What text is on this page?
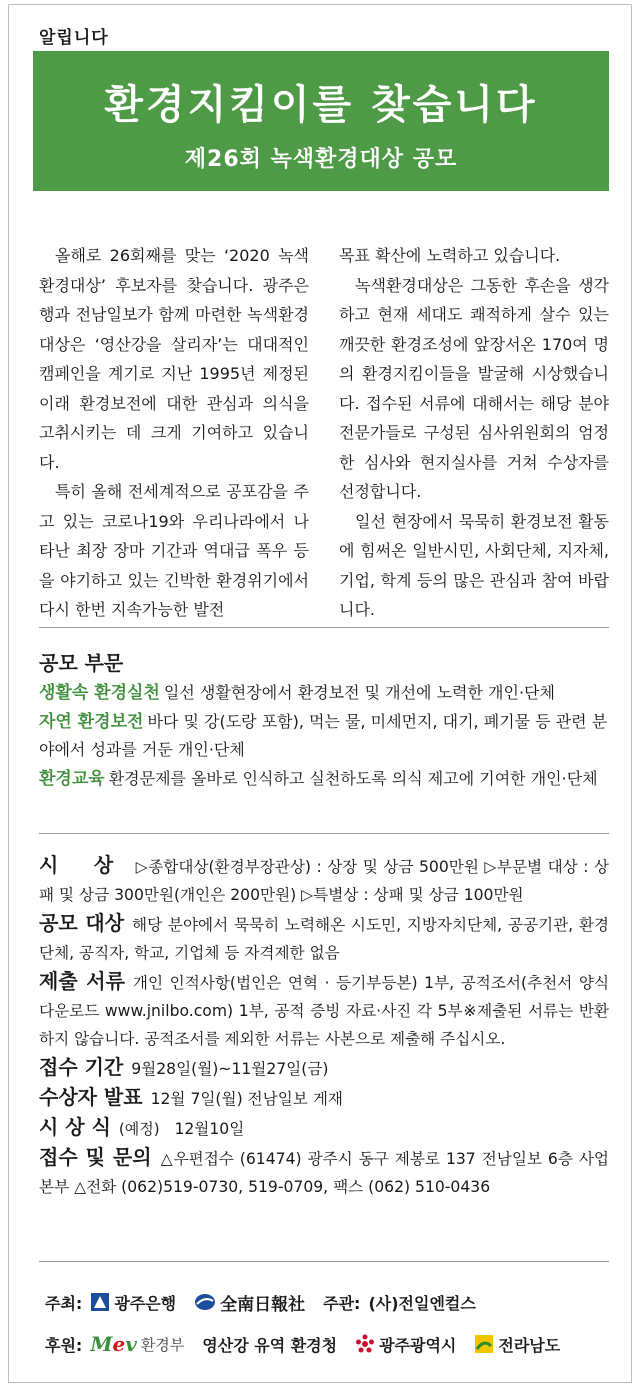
알립니다
환경지킴이를 찾습니다
제26회 녹색환경대상 공모

올해로 26회째를 맞는 ‘2020 녹색환경대상’ 후보자를 찾습니다. 광주은행과 전남일보가 함께 마련한 녹색환경대상은 ‘영산강을 살리자’는 대대적인 캠페인을 계기로 지난 1995년 제정된 이래 환경보전에 대한 관심과 의식을 고취시키는 데 크게 기여하고 있습니다.

특히 올해 전세계적으로 공포감을 주고 있는 코로나19와 우리나라에서 나타난 최장 장마 기간과 역대급 폭우 등을 야기하고 있는 긴박한 환경위기에서 다시 한번 지속가능한 발전

목표 확산에 노력하고 있습니다.

녹색환경대상은 그동한 후손을 생각하고 현재 세대도 쾌적하게 살수 있는 깨끗한 환경조성에 앞장서온 170여 명의 환경지킴이들을 발굴해 시상했습니다. 접수된 서류에 대해서는 해당 분야 전문가들로 구성된 심사위원회의 엄정한 심사와 현지실사를 거쳐 수상자를 선정합니다.

일선 현장에서 묵묵히 환경보전 활동에 힘써온 일반시민, 사회단체, 지자체, 기업, 학계 등의 많은 관심과 참여 바랍니다.

공모 부문

생활속 환경실천 일선 생활현장에서 환경보전 및 개선에 노력한 개인·단체

자연 환경보전 바다 및 강(도랑 포함), 먹는 물, 미세먼지, 대기, 폐기물 등 관련 분야에서 성과를 거둔 개인·단체

환경교육 환경문제를 올바로 인식하고 실천하도록 의식 제고에 기여한 개인·단체

시 상 ▷종합대상(환경부장관상) : 상장 및 상금 500만원 ▷부문별 대상 : 상패 및 상금 300만원(개인은 200만원) ▷특별상 : 상패 및 상금 100만원

공모 대상 해당 분야에서 묵묵히 노력해온 시도민, 지방자치단체, 공공기관, 환경단체, 공직자, 학교, 기업체 등 자격제한 없음

제출 서류 개인 인적사항(법인은 연혁 · 등기부등본) 1부, 공적조서(추천서 양식 다운로드 www.jnilbo.com) 1부, 공적 증빙 자료·사진 각 5부※제출된 서류는 반환하지 않습니다. 공적조서를 제외한 서류는 사본으로 제출해 주십시오.

접수 기간 9월28일(월)~11월27일(금)

수상자 발표 12월 7일(월) 전남일보 게재

시 상 식 (예정) 12월10일

접수 및 문의 △우편접수 (61474) 광주시 동구 제봉로 137 전남일보 6층 사업본부 △전화 (062)519-0730, 519-0709, 팩스 (062) 510-0436

주최: 광주은행	全南日報社 주관: (사)전일엔컬스
후원: Mev 환경부 영산강 유역 환경청	광주광역시	전라남도
